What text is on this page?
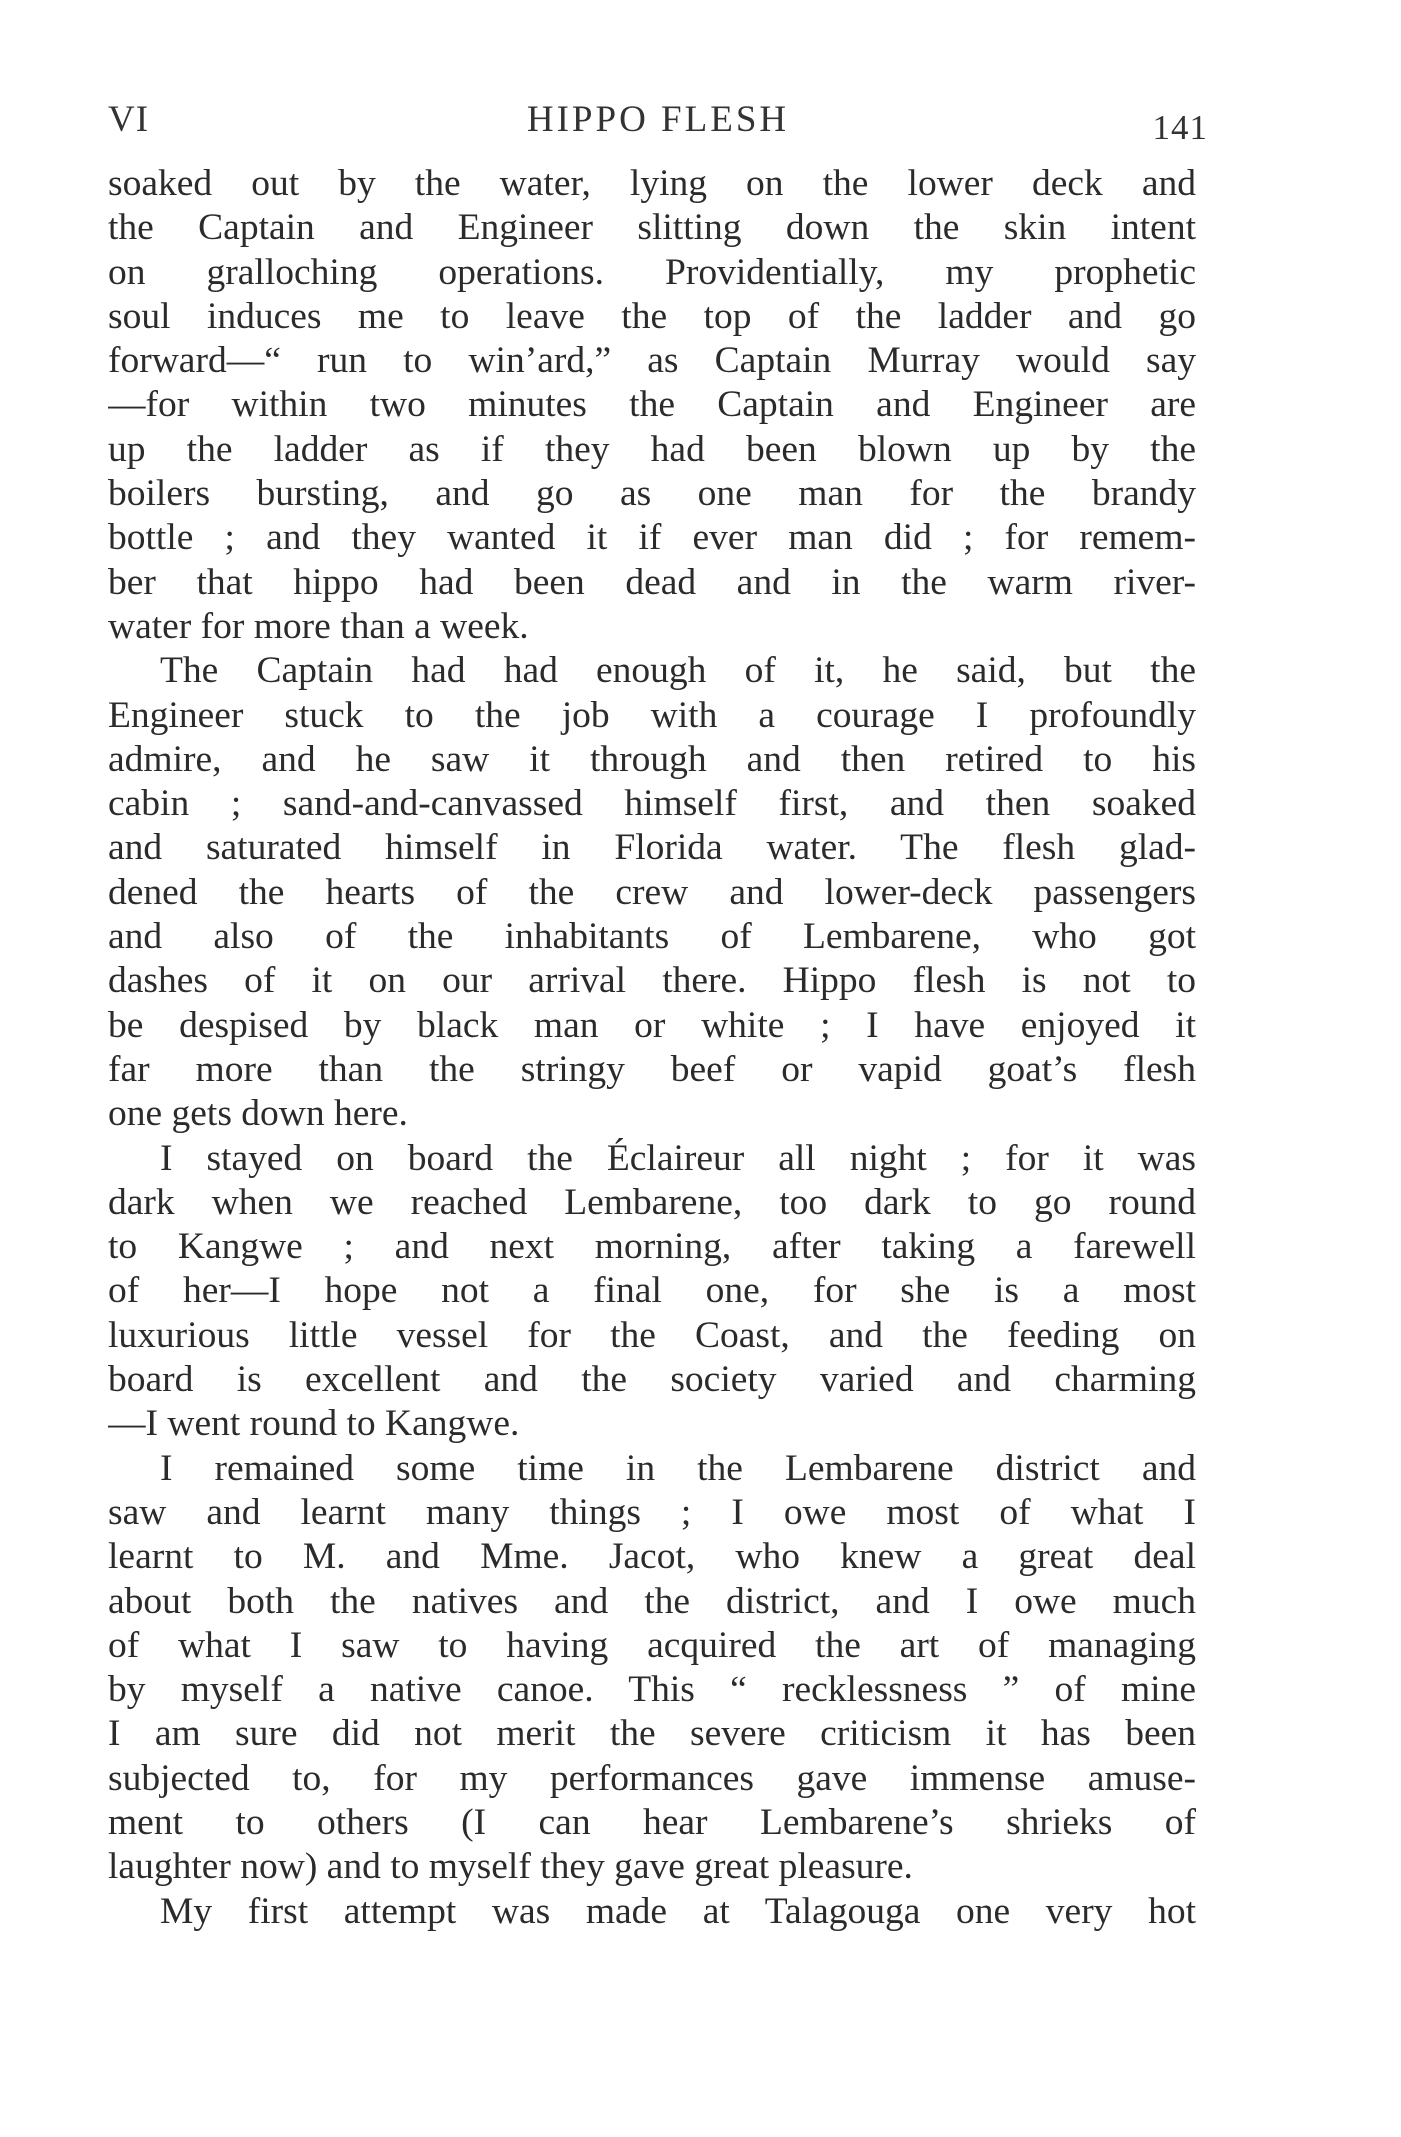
VI	HIPPO FLESH	141
soaked out by the water, lying on the lower deck and
the Captain and Engineer slitting down the skin intent
on gralloching operations. Providentially, my prophetic
soul induces me to leave the top of the ladder and go
forward—“ run to win’ard,” as Captain Murray would say
—for within two minutes the Captain and Engineer are
up the ladder as if they had been blown up by the
boilers bursting, and go as one man for the brandy
bottle ; and they wanted it if ever man did ; for remem-
ber that hippo had been dead and in the warm river-
water for more than a week.
The Captain had had enough of it, he said, but the
Engineer stuck to the job with a courage I profoundly
admire, and he saw it through and then retired to his
cabin ; sand-and-canvassed himself first, and then soaked
and saturated himself in Florida water. The flesh glad-
dened the hearts of the crew and lower-deck passengers
and also of the inhabitants of Lembarene, who got
dashes of it on our arrival there. Hippo flesh is not to
be despised by black man or white ; I have enjoyed it
far more than the stringy beef or vapid goat’s flesh
one gets down here.
I stayed on board the Éclaireur all night ; for it was
dark when we reached Lembarene, too dark to go round
to Kangwe ; and next morning, after taking a farewell
of her—I hope not a final one, for she is a most
luxurious little vessel for the Coast, and the feeding on
board is excellent and the society varied and charming
—I went round to Kangwe.
I remained some time in the Lembarene district and
saw and learnt many things ; I owe most of what I
learnt to M. and Mme. Jacot, who knew a great deal
about both the natives and the district, and I owe much
of what I saw to having acquired the art of managing
by myself a native canoe. This “ recklessness ” of mine
I am sure did not merit the severe criticism it has been
subjected to, for my performances gave immense amuse-
ment to others (I can hear Lembarene’s shrieks of
laughter now) and to myself they gave great pleasure.
My first attempt was made at Talagouga one very hot
